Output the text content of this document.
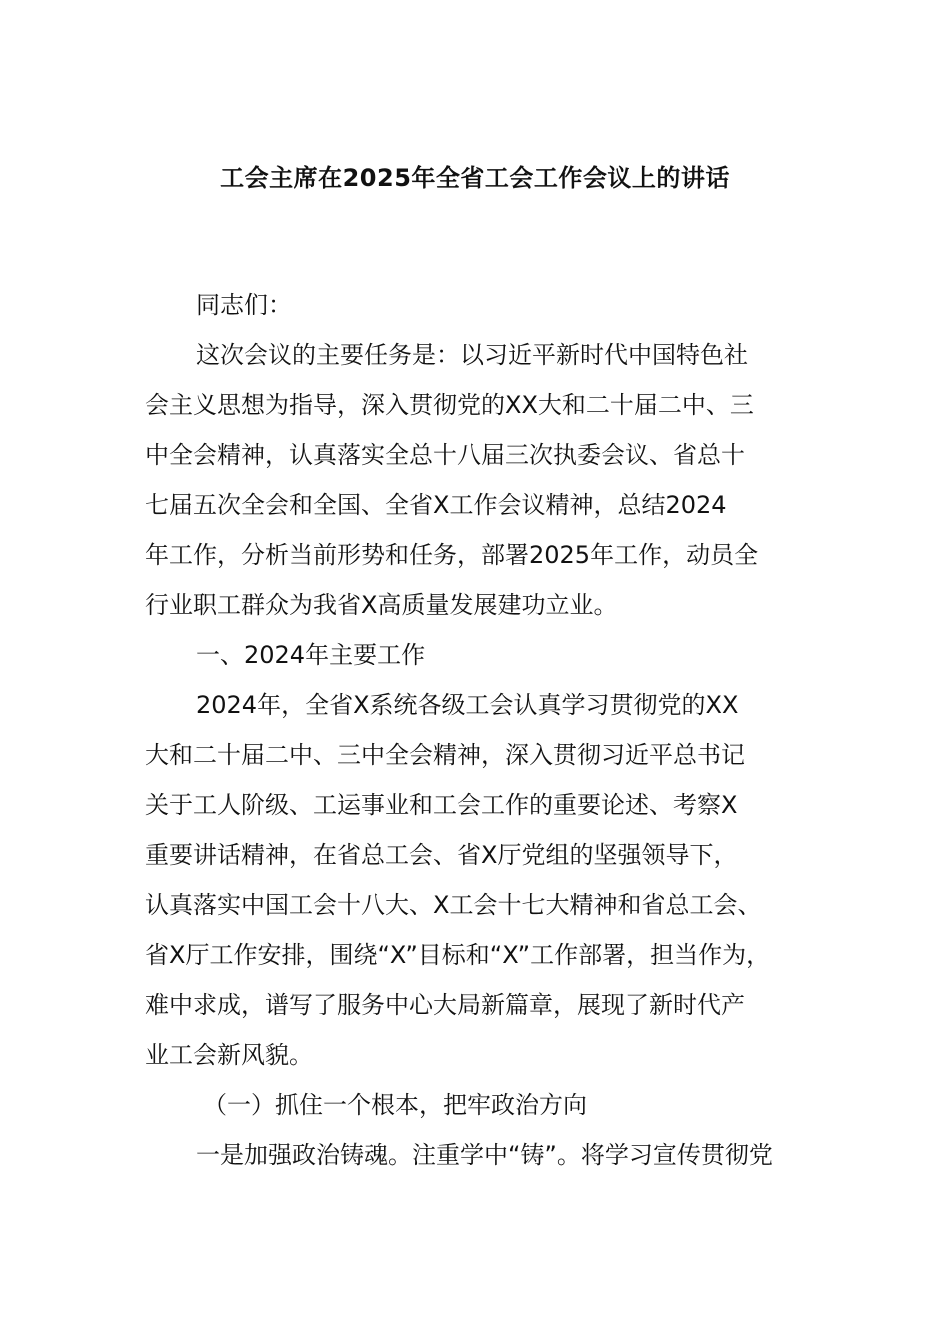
工会主席在2025年全省工会工作会议上的讲话
同志们：
这次会议的主要任务是：以习近平新时代中国特色社
会主义思想为指导，深入贯彻党的XX大和二十届二中、三
中全会精神，认真落实全总十八届三次执委会议、省总十
七届五次全会和全国、全省X工作会议精神，总结2024
年工作，分析当前形势和任务，部署2025年工作，动员全
行业职工群众为我省X高质量发展建功立业。
一、2024年主要工作
2024年，全省X系统各级工会认真学习贯彻党的XX
大和二十届二中、三中全会精神，深入贯彻习近平总书记
关于工人阶级、工运事业和工会工作的重要论述、考察X
重要讲话精神，在省总工会、省X厅党组的坚强领导下，
认真落实中国工会十八大、X工会十七大精神和省总工会、
省X厅工作安排，围绕“X”目标和“X”工作部署，担当作为，
难中求成，谱写了服务中心大局新篇章，展现了新时代产
业工会新风貌。
（一）抓住一个根本，把牢政治方向
一是加强政治铸魂。注重学中“铸”。将学习宣传贯彻党
